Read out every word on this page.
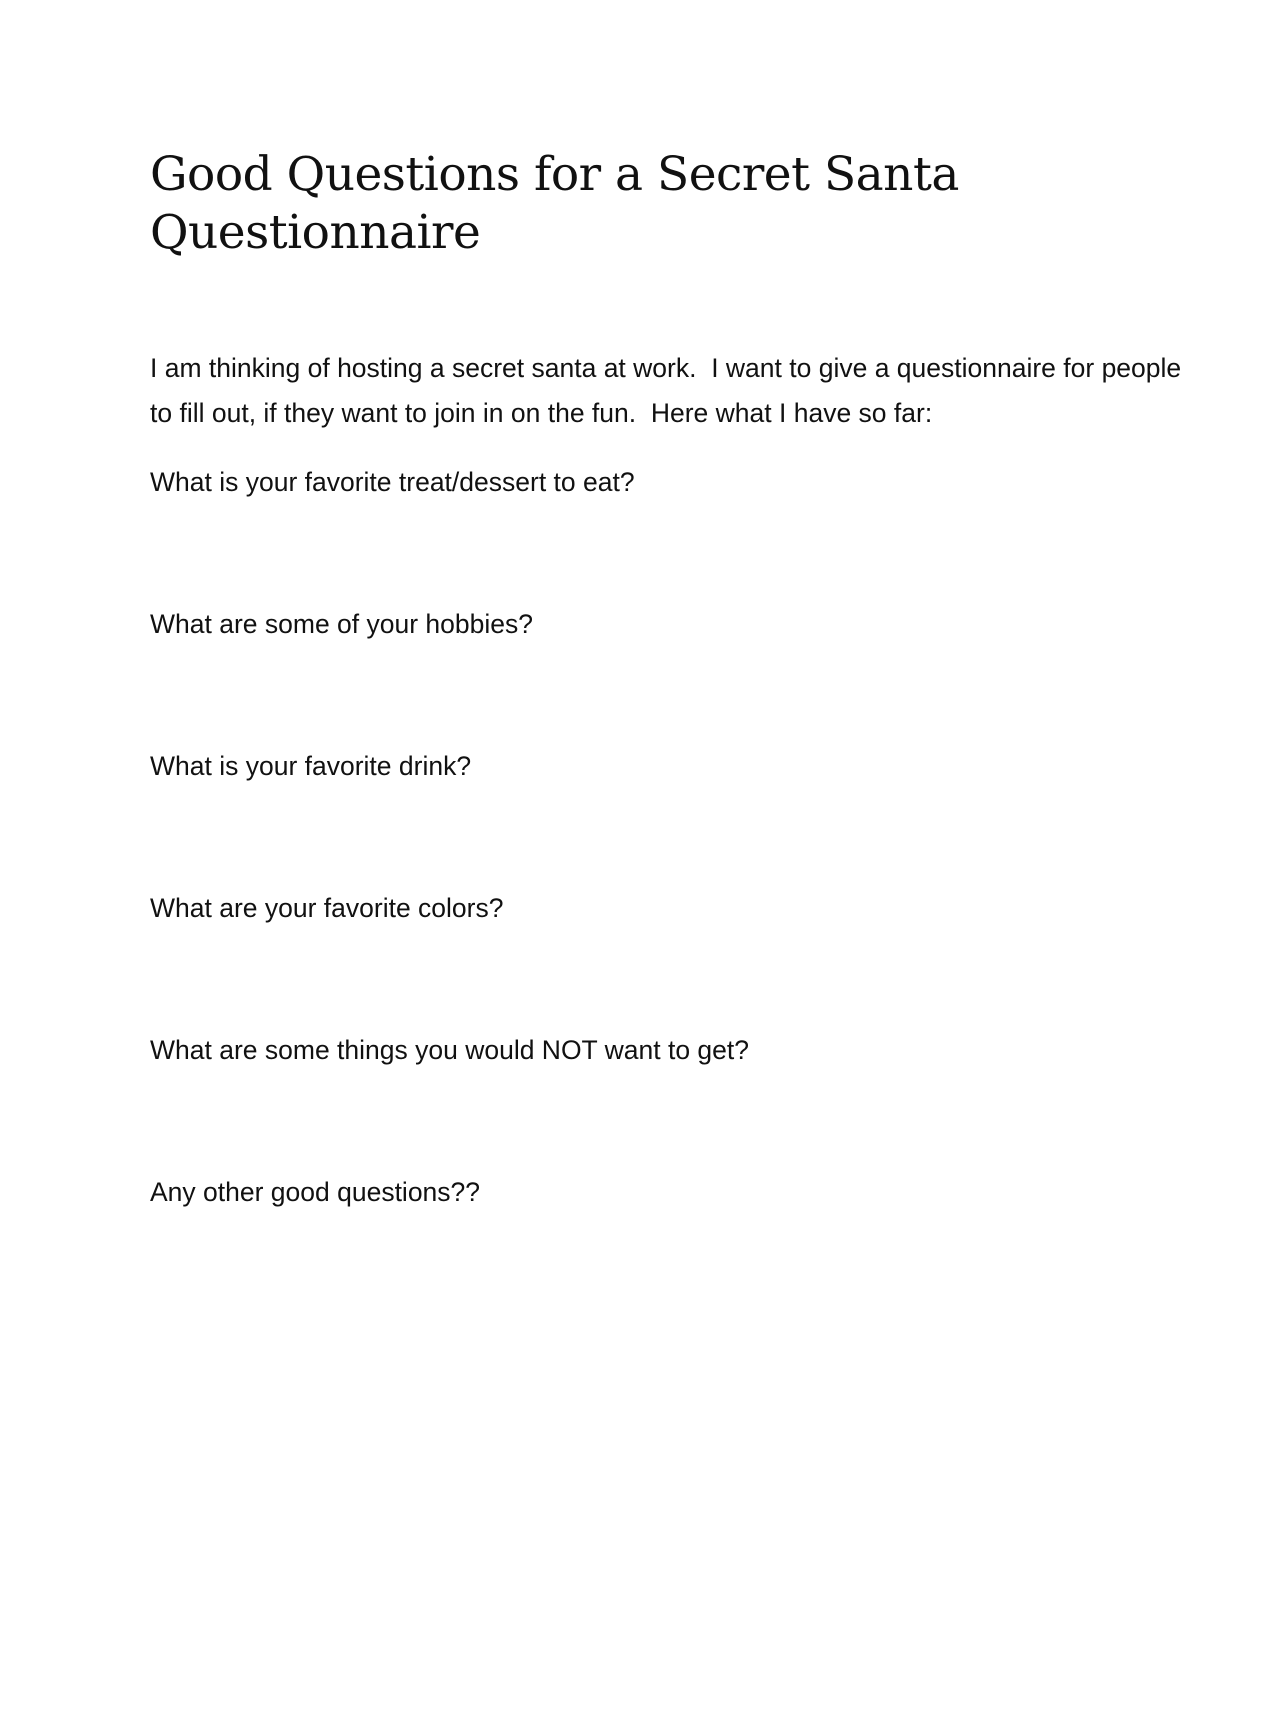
Good Questions for a Secret Santa Questionnaire

I am thinking of hosting a secret santa at work.  I want to give a questionnaire for people to fill out, if they want to join in on the fun.  Here what I have so far:

What is your favorite treat/dessert to eat?

What are some of your hobbies?

What is your favorite drink?

What are your favorite colors?

What are some things you would NOT want to get?

Any other good questions??
